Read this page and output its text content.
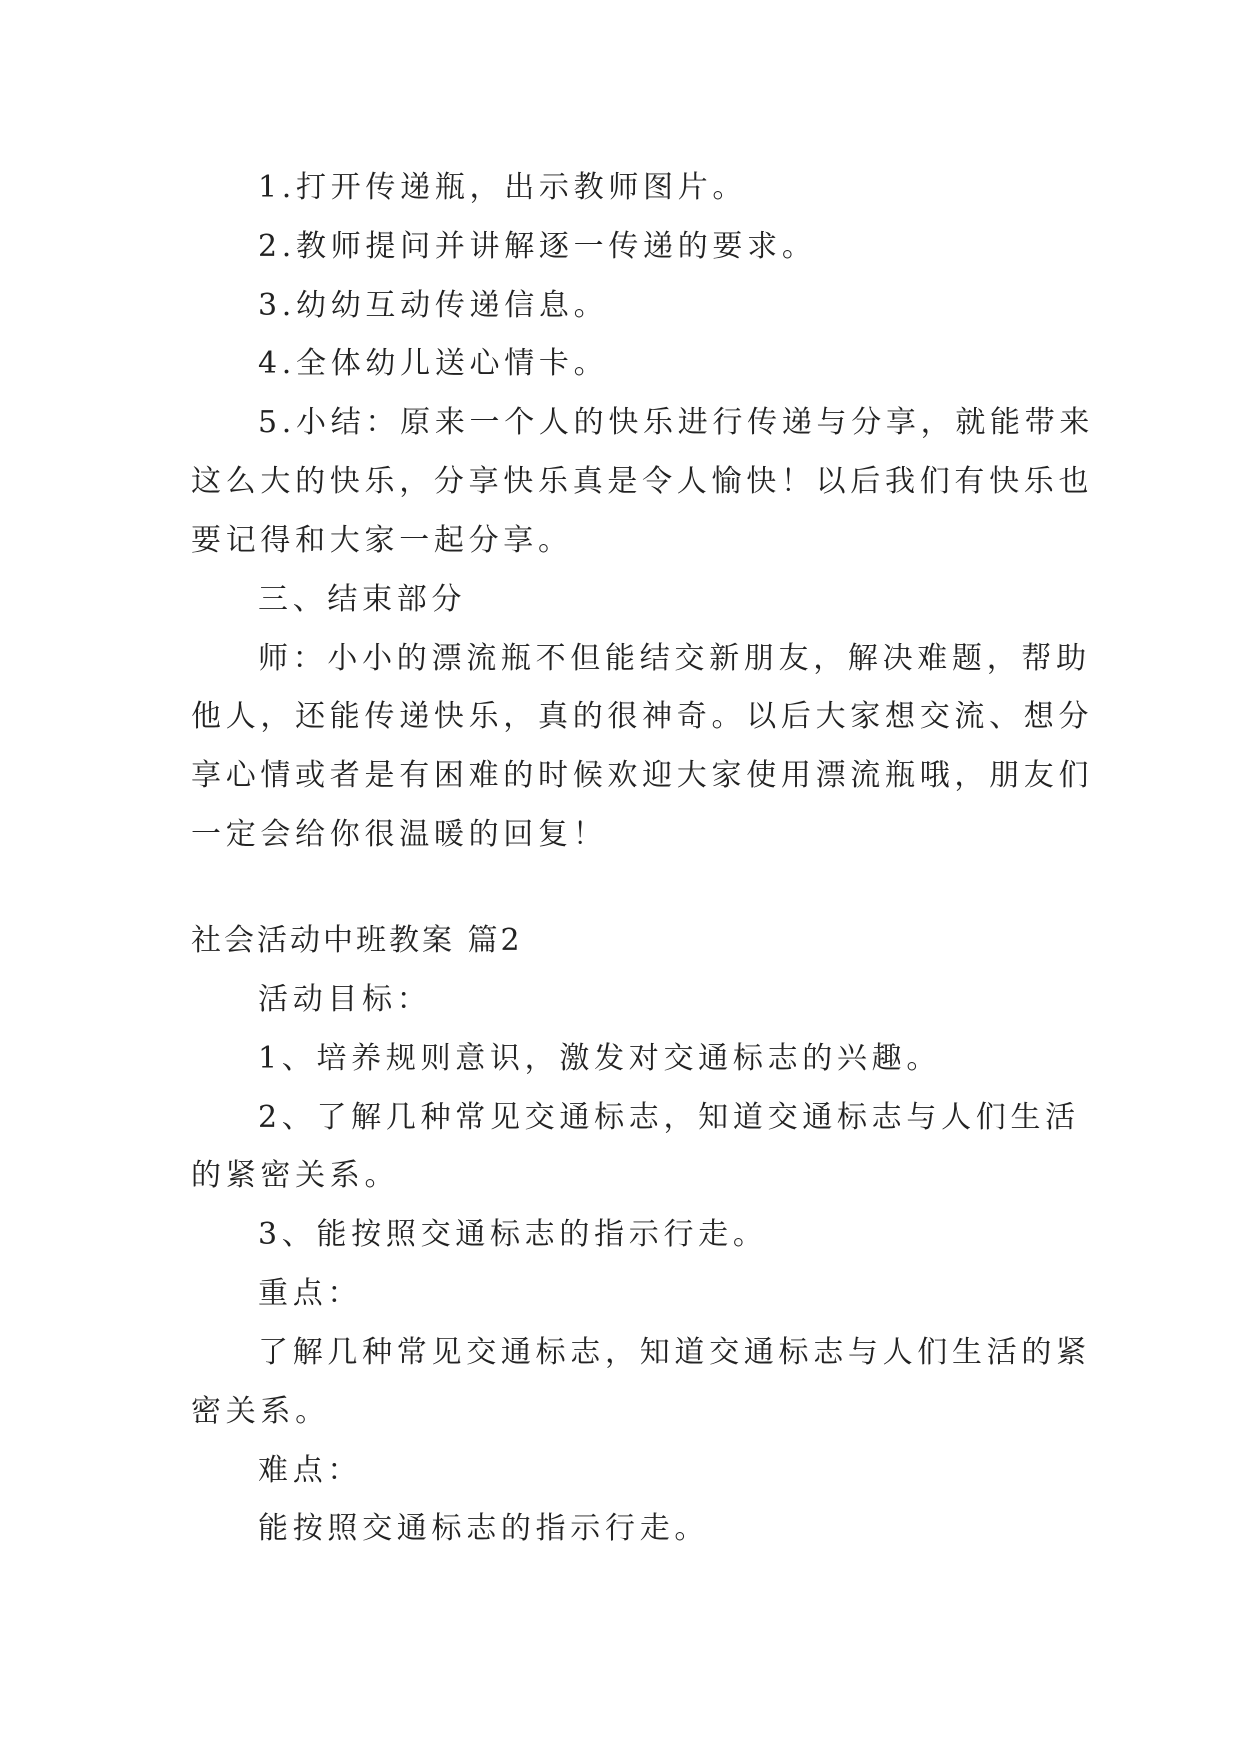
1.打开传递瓶，出示教师图片。
2.教师提问并讲解逐一传递的要求。
3.幼幼互动传递信息。
4.全体幼儿送心情卡。
5.小结：原来一个人的快乐进行传递与分享，就能带来
这么大的快乐，分享快乐真是令人愉快！以后我们有快乐也
要记得和大家一起分享。
三、结束部分
师：小小的漂流瓶不但能结交新朋友，解决难题，帮助
他人，还能传递快乐，真的很神奇。以后大家想交流、想分
享心情或者是有困难的时候欢迎大家使用漂流瓶哦，朋友们
一定会给你很温暖的回复！
社会活动中班教案 篇2
活动目标：
1、培养规则意识，激发对交通标志的兴趣。
2、了解几种常见交通标志，知道交通标志与人们生活
的紧密关系。
3、能按照交通标志的指示行走。
重点：
了解几种常见交通标志，知道交通标志与人们生活的紧
密关系。
难点：
能按照交通标志的指示行走。
